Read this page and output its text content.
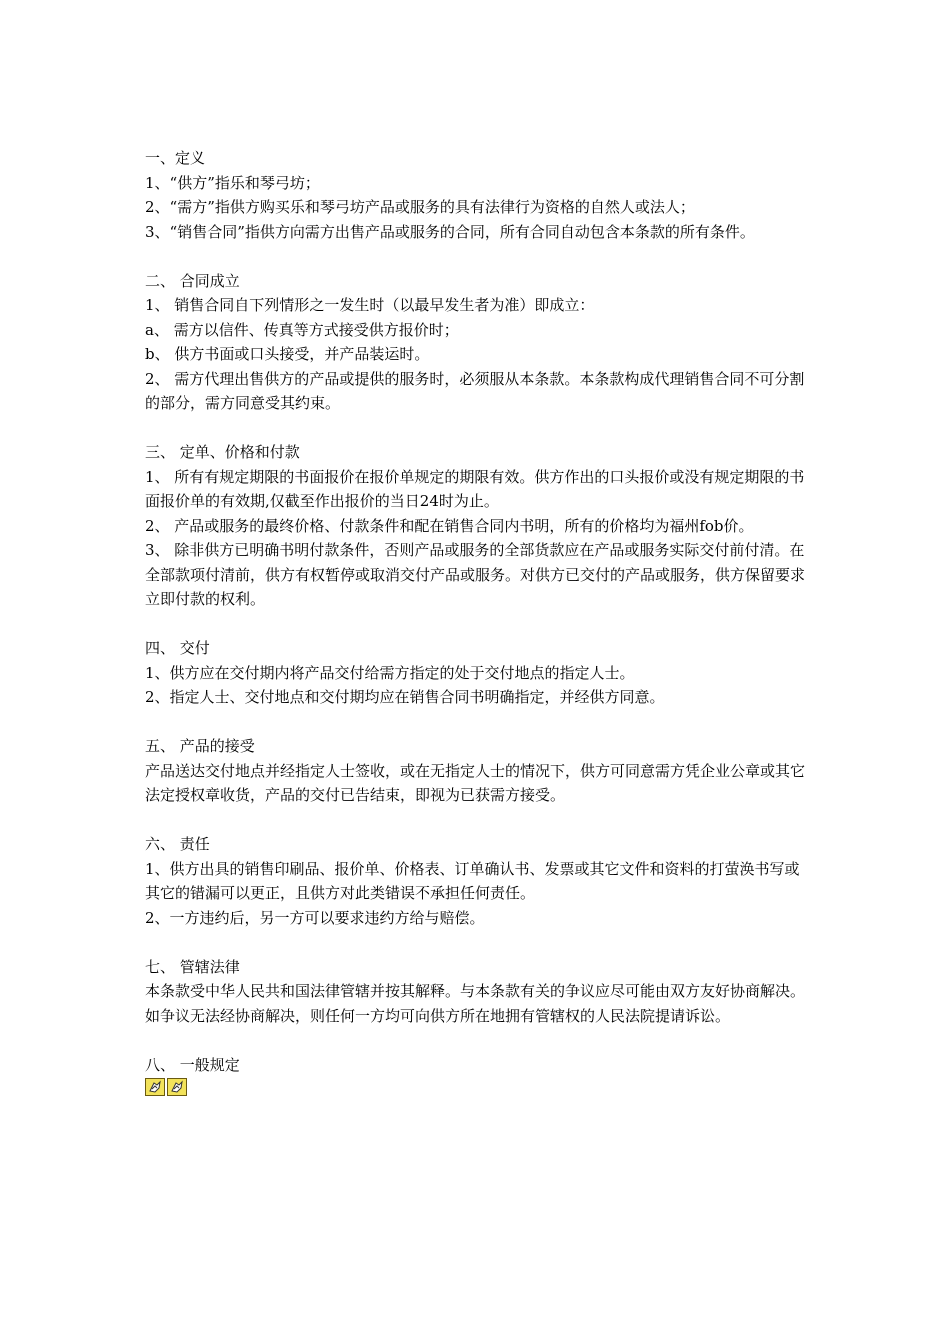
一、定义

1、“供方”指乐和琴弓坊；

2、“需方”指供方购买乐和琴弓坊产品或服务的具有法律行为资格的自然人或法人；

3、“销售合同”指供方向需方出售产品或服务的合同，所有合同自动包含本条款的所有条件。

二、 合同成立

1、 销售合同自下列情形之一发生时（以最早发生者为准）即成立：

a、 需方以信件、传真等方式接受供方报价时；

b、 供方书面或口头接受，并产品装运时。

2、 需方代理出售供方的产品或提供的服务时，必须服从本条款。本条款构成代理销售合同不可分割的部分，需方同意受其约束。

三、 定单、价格和付款

1、 所有有规定期限的书面报价在报价单规定的期限有效。供方作出的口头报价或没有规定期限的书面报价单的有效期,仅截至作出报价的当日24时为止。

2、 产品或服务的最终价格、付款条件和配在销售合同内书明，所有的价格均为福州fob价。

3、 除非供方已明确书明付款条件，否则产品或服务的全部货款应在产品或服务实际交付前付清。在全部款项付清前，供方有权暂停或取消交付产品或服务。对供方已交付的产品或服务，供方保留要求立即付款的权利。

四、 交付

1、供方应在交付期内将产品交付给需方指定的处于交付地点的指定人士。

2、指定人士、交付地点和交付期均应在销售合同书明确指定，并经供方同意。

五、 产品的接受

产品送达交付地点并经指定人士签收，或在无指定人士的情况下，供方可同意需方凭企业公章或其它法定授权章收货，产品的交付已告结束，即视为已获需方接受。

六、 责任

1、供方出具的销售印刷品、报价单、价格表、订单确认书、发票或其它文件和资料的打萤涣书写或其它的错漏可以更正，且供方对此类错误不承担任何责任。

2、一方违约后，另一方可以要求违约方给与赔偿。

七、 管辖法律

本条款受中华人民共和国法律管辖并按其解释。与本条款有关的争议应尽可能由双方友好协商解决。如争议无法经协商解决，则任何一方均可向供方所在地拥有管辖权的人民法院提请诉讼。

八、 一般规定
